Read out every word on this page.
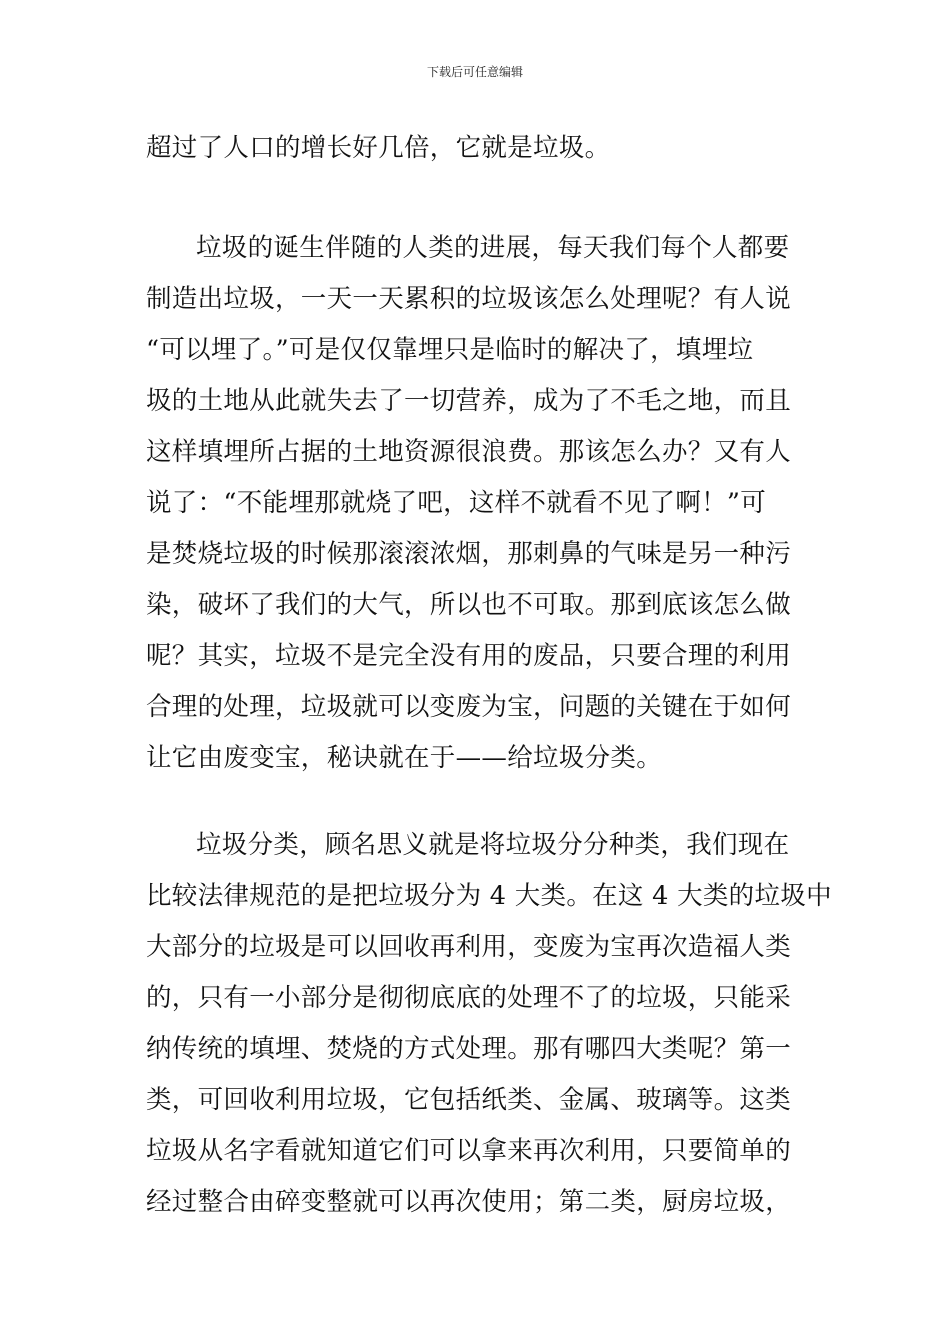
下载后可任意编辑
超过了人口的增长好几倍，它就是垃圾。
垃圾的诞生伴随的人类的进展，每天我们每个人都要
制造出垃圾，一天一天累积的垃圾该怎么处理呢？有人说
“可以埋了。”可是仅仅靠埋只是临时的解决了，填埋垃
圾的土地从此就失去了一切营养，成为了不毛之地，而且
这样填埋所占据的土地资源很浪费。那该怎么办？又有人
说了：“不能埋那就烧了吧，这样不就看不见了啊！”可
是焚烧垃圾的时候那滚滚浓烟，那刺鼻的气味是另一种污
染，破坏了我们的大气，所以也不可取。那到底该怎么做
呢？其实，垃圾不是完全没有用的废品，只要合理的利用
合理的处理，垃圾就可以变废为宝，问题的关键在于如何
让它由废变宝，秘诀就在于——给垃圾分类。
垃圾分类，顾名思义就是将垃圾分分种类，我们现在
比较法律规范的是把垃圾分为 4 大类。在这 4 大类的垃圾中
大部分的垃圾是可以回收再利用，变废为宝再次造福人类
的，只有一小部分是彻彻底底的处理不了的垃圾，只能采
纳传统的填埋、焚烧的方式处理。那有哪四大类呢？第一
类，可回收利用垃圾，它包括纸类、金属、玻璃等。这类
垃圾从名字看就知道它们可以拿来再次利用，只要简单的
经过整合由碎变整就可以再次使用；第二类，厨房垃圾，
